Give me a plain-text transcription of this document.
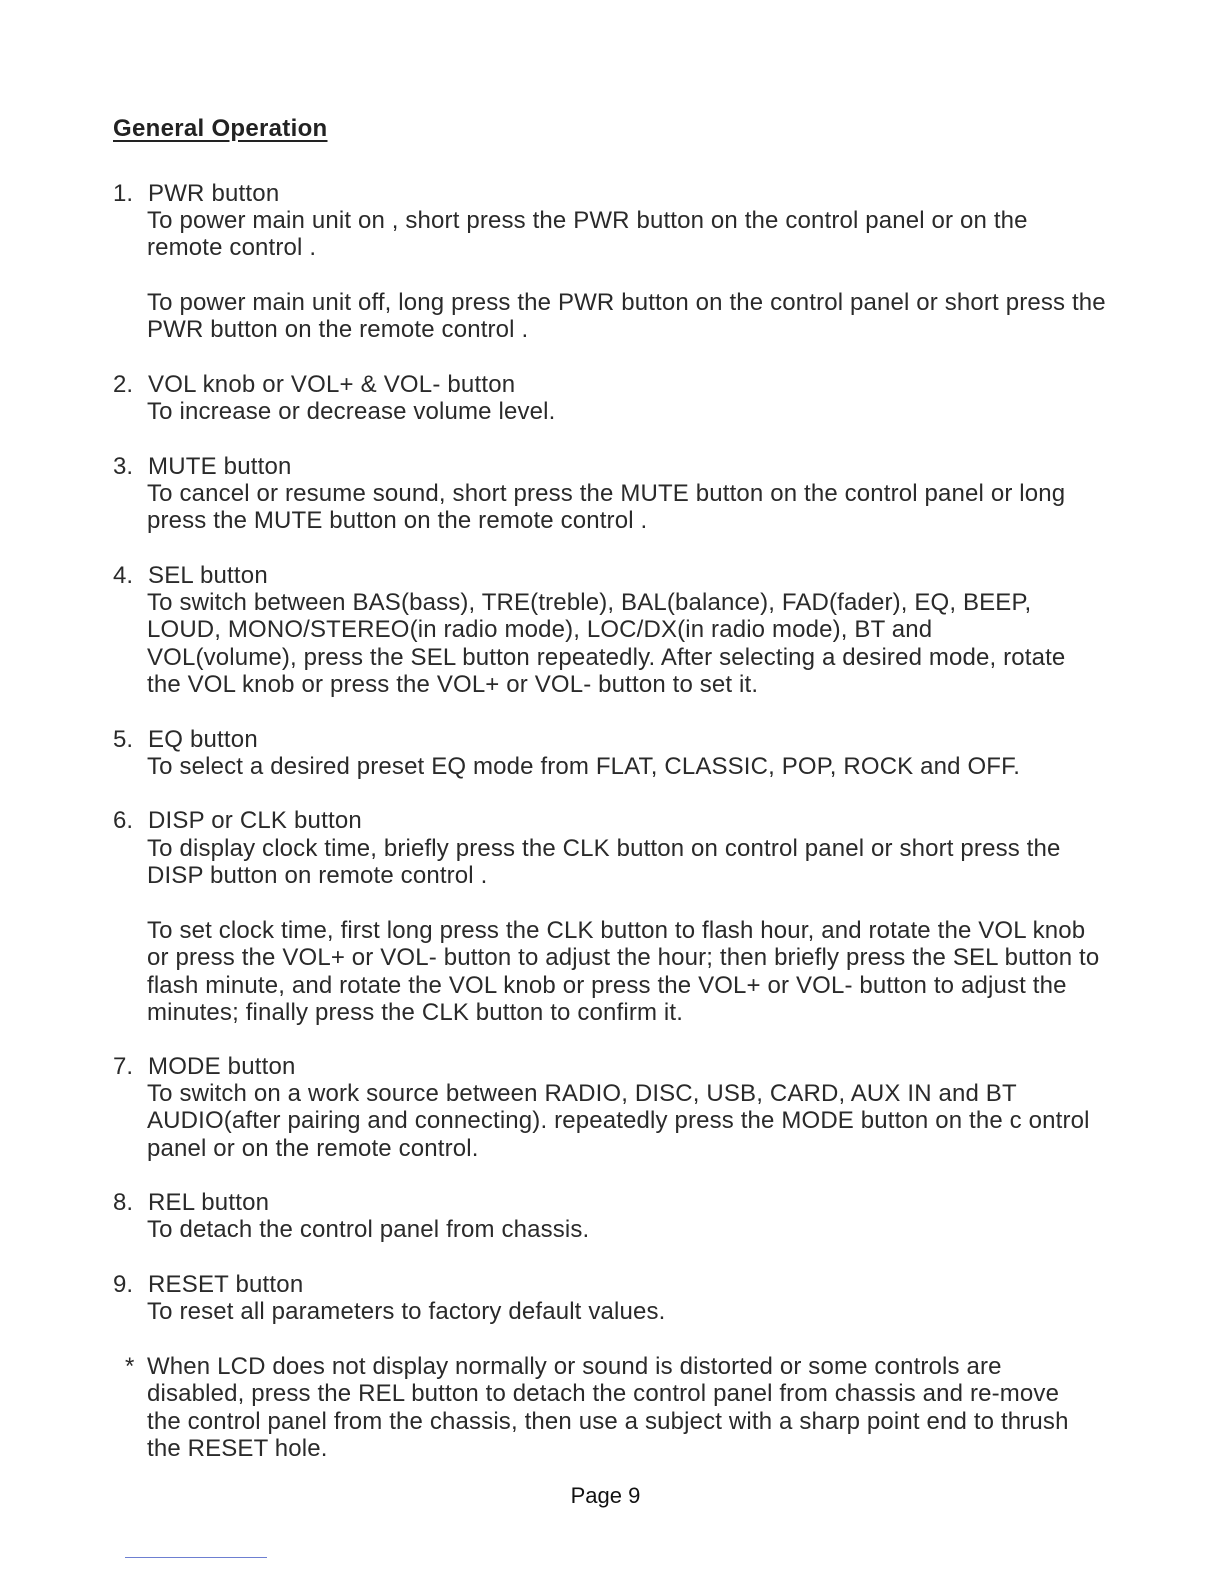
General Operation
1. PWR button
To power main unit on , short press the PWR button on the control panel or on the remote control .
To power main unit off, long press the PWR button on the control panel or short press the PWR button on the remote control .
2. VOL knob or VOL+ & VOL- button
To increase or decrease volume level.
3. MUTE button
To cancel or resume sound, short press the MUTE button on the control panel or long press the MUTE button on the remote control .
4. SEL button
To switch between BAS(bass), TRE(treble), BAL(balance), FAD(fader), EQ, BEEP, LOUD, MONO/STEREO(in radio mode), LOC/DX(in radio mode), BT and VOL(volume), press the SEL button repeatedly. After selecting a desired mode, rotate the VOL knob or press the VOL+ or VOL- button to set it.
5. EQ button
To select a desired preset EQ mode from FLAT, CLASSIC, POP, ROCK and OFF.
6. DISP or CLK button
To display clock time, briefly press the CLK button on control panel or short press the DISP button on remote control .
To set clock time, first long press the CLK button to flash hour, and rotate the VOL knob or press the VOL+ or VOL- button to adjust the hour; then briefly press the SEL button to flash minute, and rotate the VOL knob or press the VOL+ or VOL- button to adjust the minutes; finally press the CLK button to confirm it.
7. MODE button
To switch on a work source between RADIO, DISC, USB, CARD, AUX IN and BT AUDIO(after pairing and connecting). repeatedly press the MODE button on the c ontrol panel or on the remote control.
8. REL button
To detach the control panel from chassis.
9. RESET button
To reset all parameters to factory default values.
* When LCD does not display normally or sound is distorted or some controls are disabled, press the REL button to detach the control panel from chassis and re-move the control panel from the chassis, then use a subject with a sharp point end to thrush the RESET hole.
Page 9
